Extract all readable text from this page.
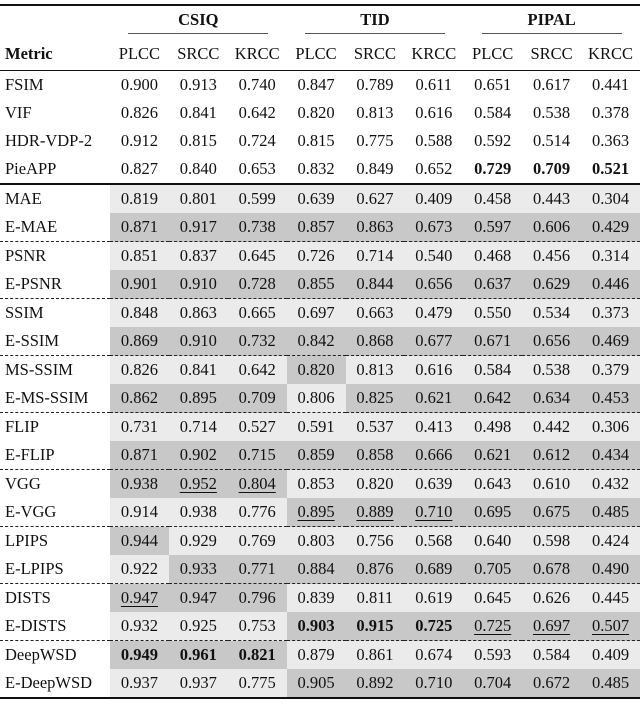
	CSIQ			TID			PIPAL		
Metric	PLCC	SRCC	KRCC	PLCC	SRCC	KRCC	PLCC	SRCC	KRCC
FSIM	0.900	0.913	0.740	0.847	0.789	0.611	0.651	0.617	0.441
VIF	0.826	0.841	0.642	0.820	0.813	0.616	0.584	0.538	0.378
HDR-VDP-2	0.912	0.815	0.724	0.815	0.775	0.588	0.592	0.514	0.363
PieAPP	0.827	0.840	0.653	0.832	0.849	0.652	0.729	0.709	0.521
MAE	0.819	0.801	0.599	0.639	0.627	0.409	0.458	0.443	0.304
E-MAE	0.871	0.917	0.738	0.857	0.863	0.673	0.597	0.606	0.429
PSNR	0.851	0.837	0.645	0.726	0.714	0.540	0.468	0.456	0.314
E-PSNR	0.901	0.910	0.728	0.855	0.844	0.656	0.637	0.629	0.446
SSIM	0.848	0.863	0.665	0.697	0.663	0.479	0.550	0.534	0.373
E-SSIM	0.869	0.910	0.732	0.842	0.868	0.677	0.671	0.656	0.469
MS-SSIM	0.826	0.841	0.642	0.820	0.813	0.616	0.584	0.538	0.379
E-MS-SSIM	0.862	0.895	0.709	0.806	0.825	0.621	0.642	0.634	0.453
FLIP	0.731	0.714	0.527	0.591	0.537	0.413	0.498	0.442	0.306
E-FLIP	0.871	0.902	0.715	0.859	0.858	0.666	0.621	0.612	0.434
VGG	0.938	0.952	0.804	0.853	0.820	0.639	0.643	0.610	0.432
E-VGG	0.914	0.938	0.776	0.895	0.889	0.710	0.695	0.675	0.485
LPIPS	0.944	0.929	0.769	0.803	0.756	0.568	0.640	0.598	0.424
E-LPIPS	0.922	0.933	0.771	0.884	0.876	0.689	0.705	0.678	0.490
DISTS	0.947	0.947	0.796	0.839	0.811	0.619	0.645	0.626	0.445
E-DISTS	0.932	0.925	0.753	0.903	0.915	0.725	0.725	0.697	0.507
DeepWSD	0.949	0.961	0.821	0.879	0.861	0.674	0.593	0.584	0.409
E-DeepWSD	0.937	0.937	0.775	0.905	0.892	0.710	0.704	0.672	0.485
